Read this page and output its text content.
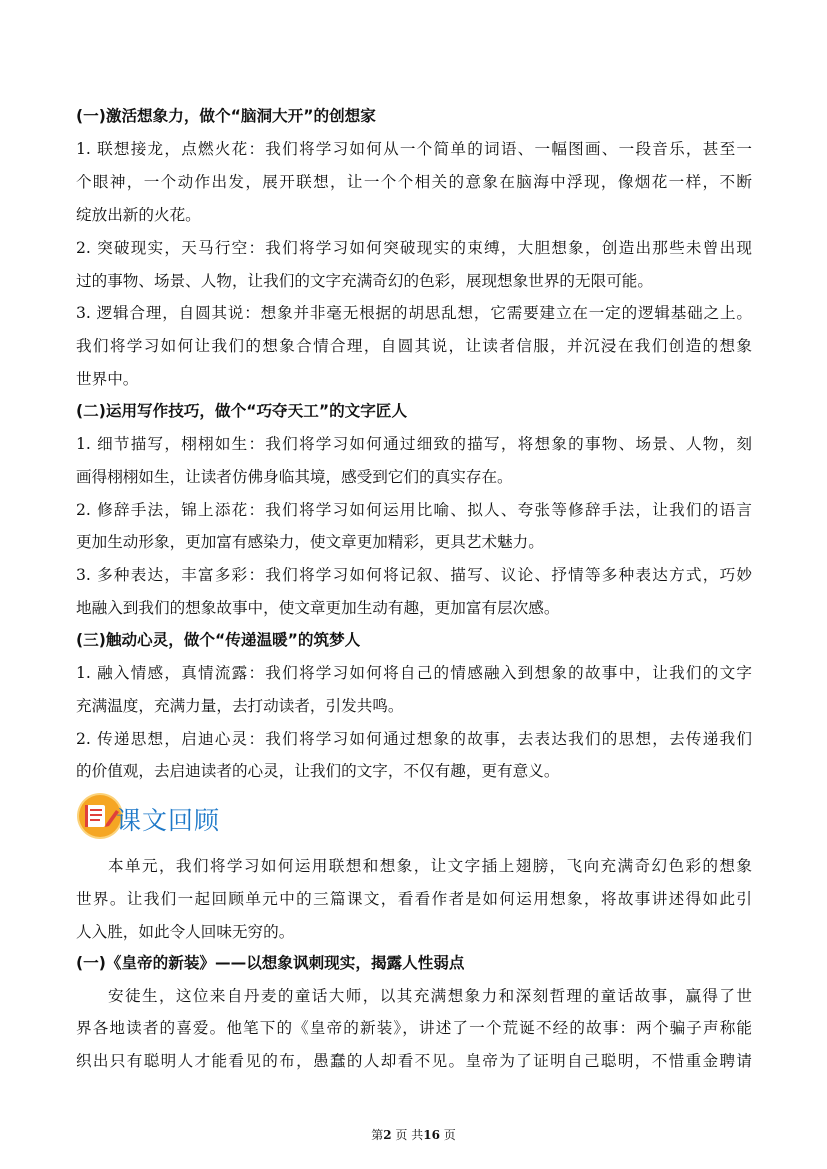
(一)激活想象力，做个“脑洞大开”的创想家
1. 联想接龙，点燃火花：我们将学习如何从一个简单的词语、一幅图画、一段音乐，甚至一
个眼神，一个动作出发，展开联想，让一个个相关的意象在脑海中浮现，像烟花一样，不断
绽放出新的火花。
2. 突破现实，天马行空：我们将学习如何突破现实的束缚，大胆想象，创造出那些未曾出现
过的事物、场景、人物，让我们的文字充满奇幻的色彩，展现想象世界的无限可能。
3. 逻辑合理，自圆其说：想象并非毫无根据的胡思乱想，它需要建立在一定的逻辑基础之上。
我们将学习如何让我们的想象合情合理，自圆其说，让读者信服，并沉浸在我们创造的想象
世界中。
(二)运用写作技巧，做个“巧夺天工”的文字匠人
1. 细节描写，栩栩如生：我们将学习如何通过细致的描写，将想象的事物、场景、人物，刻
画得栩栩如生，让读者仿佛身临其境，感受到它们的真实存在。
2. 修辞手法，锦上添花：我们将学习如何运用比喻、拟人、夸张等修辞手法，让我们的语言
更加生动形象，更加富有感染力，使文章更加精彩，更具艺术魅力。
3. 多种表达，丰富多彩：我们将学习如何将记叙、描写、议论、抒情等多种表达方式，巧妙
地融入到我们的想象故事中，使文章更加生动有趣，更加富有层次感。
(三)触动心灵，做个“传递温暖”的筑梦人
1. 融入情感，真情流露：我们将学习如何将自己的情感融入到想象的故事中，让我们的文字
充满温度，充满力量，去打动读者，引发共鸣。
2. 传递思想，启迪心灵：我们将学习如何通过想象的故事，去表达我们的思想，去传递我们
的价值观，去启迪读者的心灵，让我们的文字，不仅有趣，更有意义。
课文回顾
本单元，我们将学习如何运用联想和想象，让文字插上翅膀，飞向充满奇幻色彩的想象
世界。让我们一起回顾单元中的三篇课文，看看作者是如何运用想象，将故事讲述得如此引
人入胜，如此令人回味无穷的。
(一)《皇帝的新装》——以想象讽刺现实，揭露人性弱点
安徒生，这位来自丹麦的童话大师，以其充满想象力和深刻哲理的童话故事，赢得了世
界各地读者的喜爱。他笔下的《皇帝的新装》，讲述了一个荒诞不经的故事：两个骗子声称能
织出只有聪明人才能看见的布，愚蠢的人却看不见。皇帝为了证明自己聪明，不惜重金聘请
第2 页 共16 页
